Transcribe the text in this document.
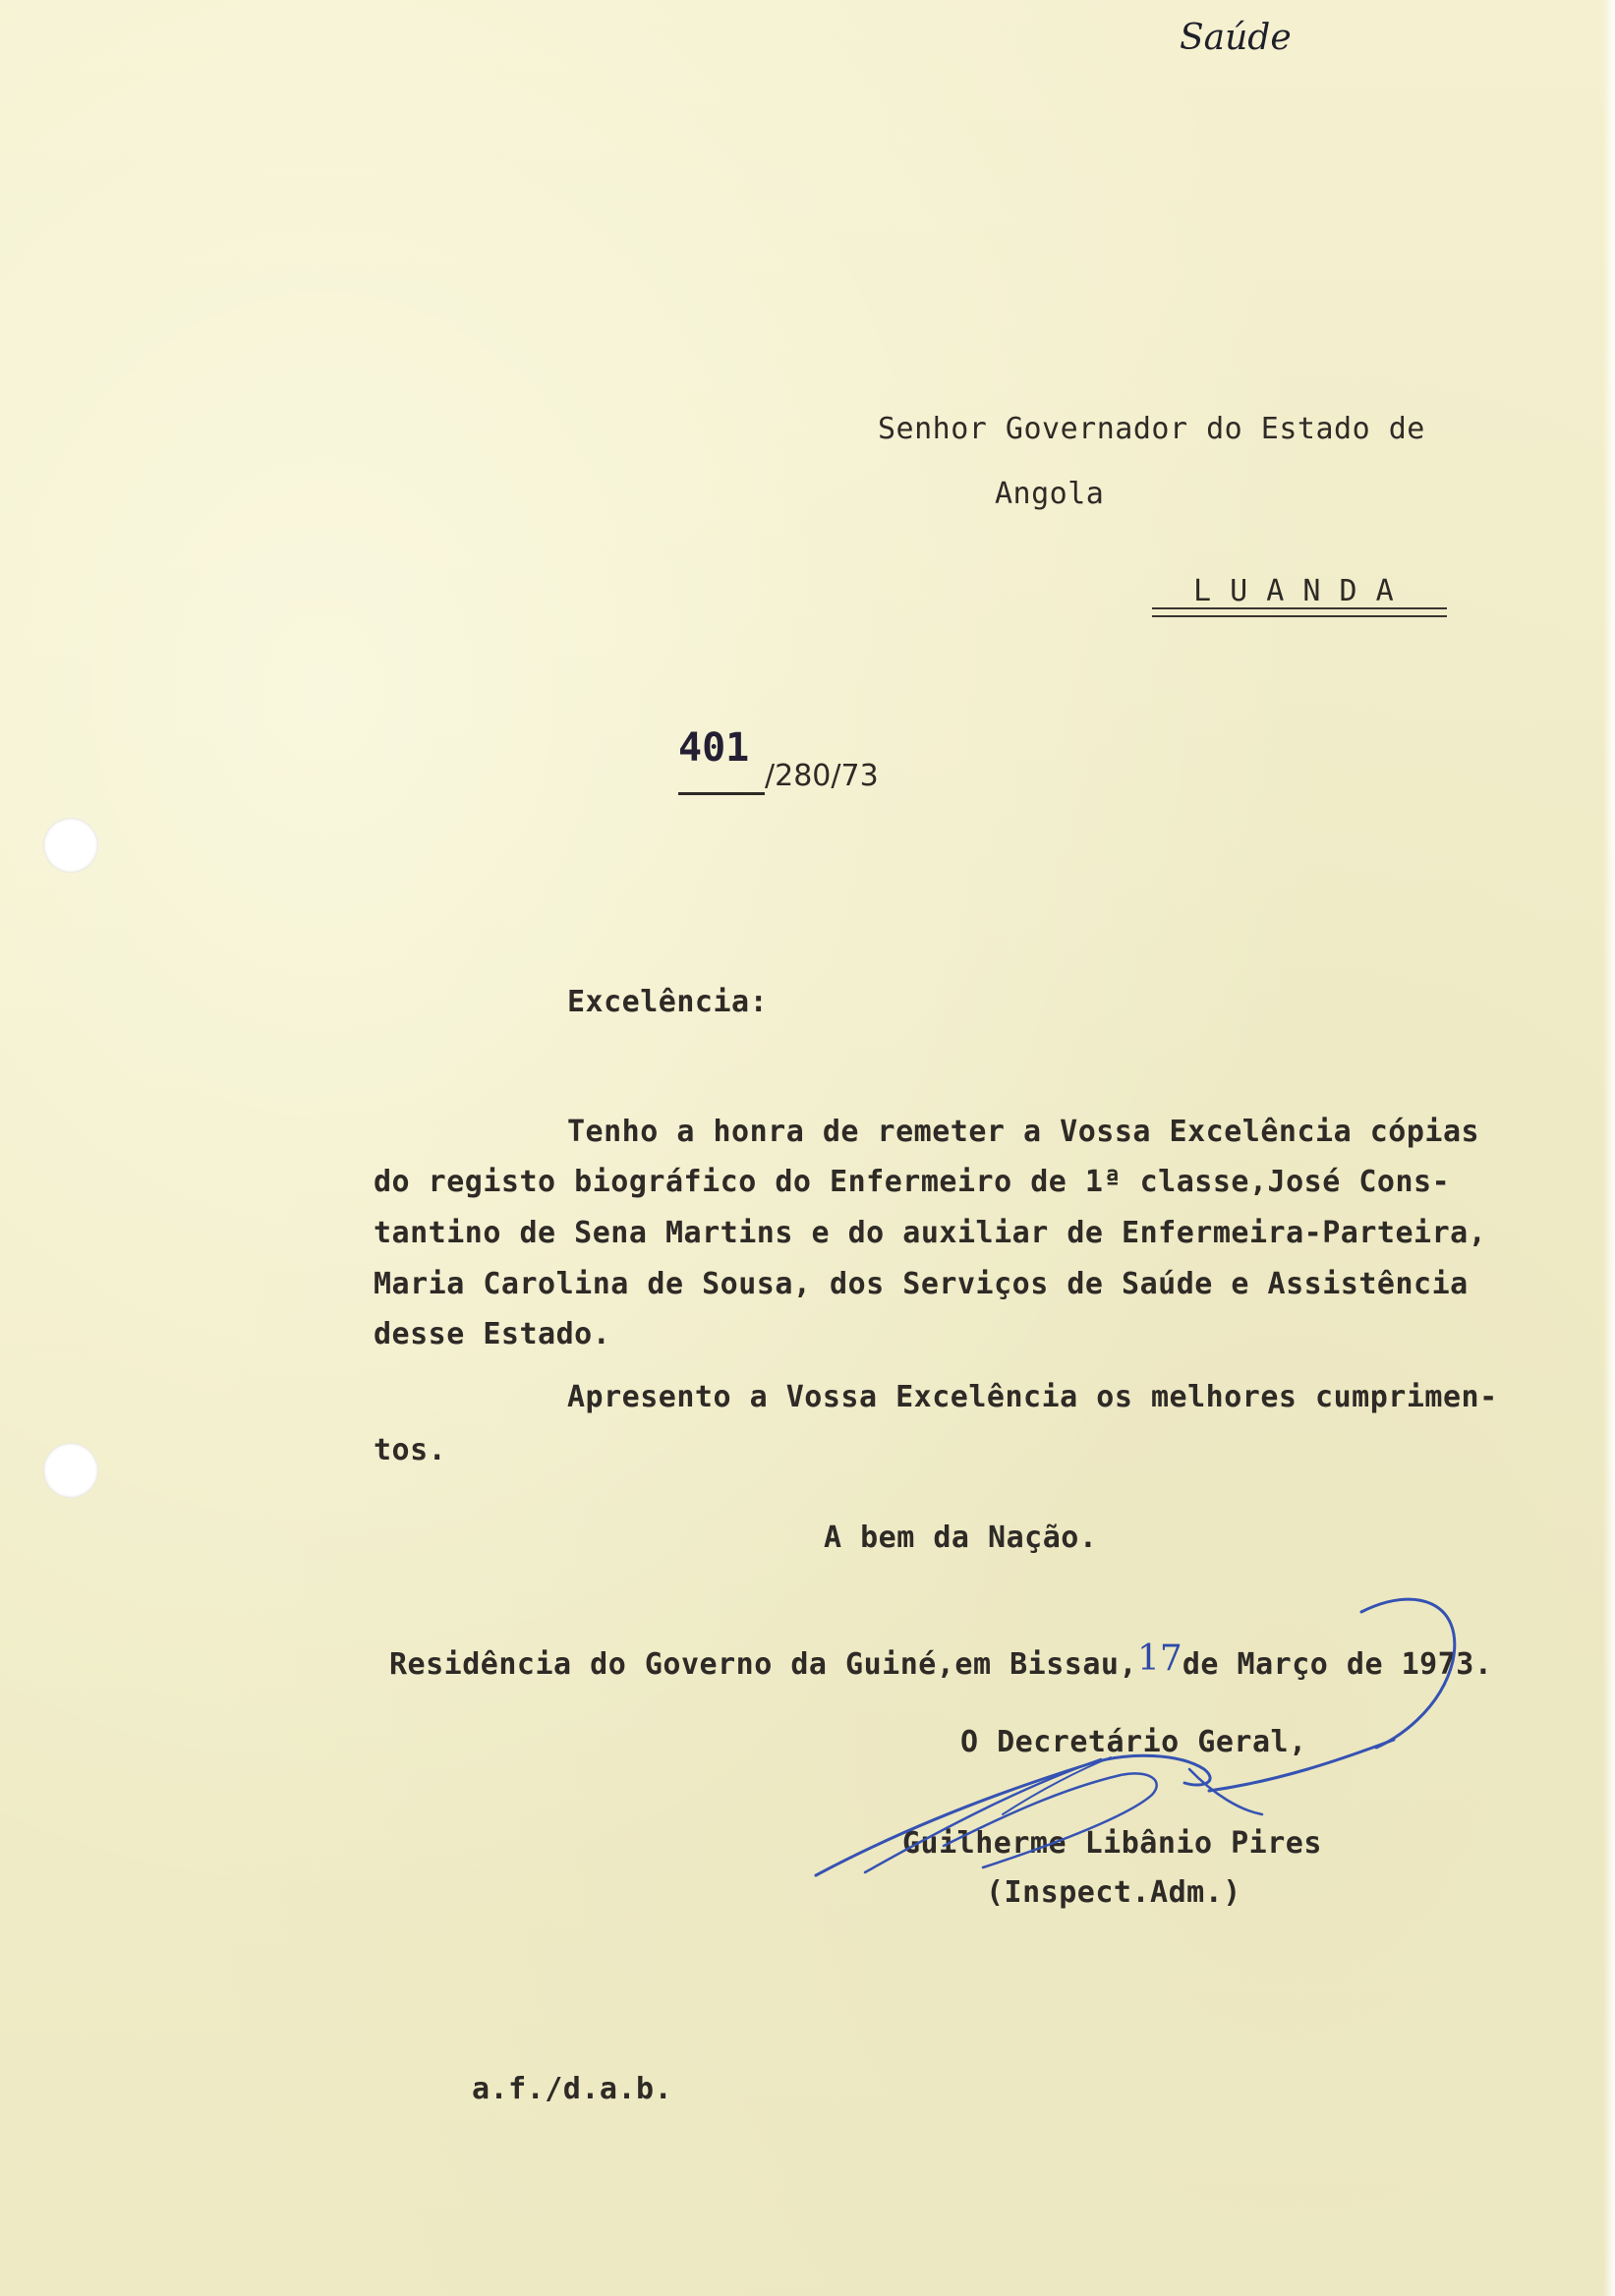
Saúde
Senhor Governador do Estado de
Angola
L U A N D A
401
/280/73
Excelência:
Tenho a honra de remeter a Vossa Excelência cópias
do registo biográfico do Enfermeiro de 1ª classe,José Cons-
tantino de Sena Martins e do auxiliar de Enfermeira-Parteira,
Maria Carolina de Sousa, dos Serviços de Saúde e Assistência
desse Estado.
Apresento a Vossa Excelência os melhores cumprimen-
tos.
A bem da Nação.

Residência do Governo da Guiné,em Bissau,17de Março de 1973.

O Decretário Geral,
Guilherme Libânio Pires
(Inspect.Adm.)
a.f./d.a.b.
